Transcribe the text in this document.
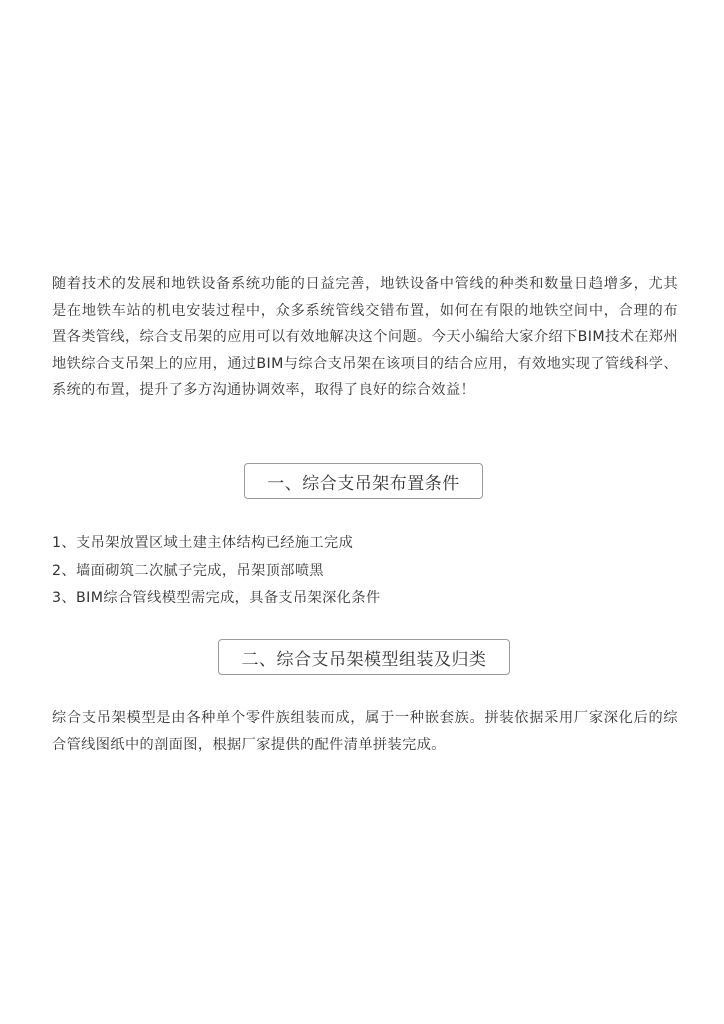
随着技术的发展和地铁设备系统功能的日益完善，地铁设备中管线的种类和数量日趋增多，尤其是在地铁车站的机电安装过程中，众多系统管线交错布置，如何在有限的地铁空间中，合理的布置各类管线，综合支吊架的应用可以有效地解决这个问题。今天小编给大家介绍下BIM技术在郑州地铁综合支吊架上的应用，通过BIM与综合支吊架在该项目的结合应用，有效地实现了管线科学、系统的布置，提升了多方沟通协调效率，取得了良好的综合效益！

一、综合支吊架布置条件
1、支吊架放置区域土建主体结构已经施工完成
2、墙面砌筑二次腻子完成，吊架顶部喷黑
3、BIM综合管线模型需完成，具备支吊架深化条件
二、综合支吊架模型组装及归类

综合支吊架模型是由各种单个零件族组装而成，属于一种嵌套族。拼装依据采用厂家深化后的综合管线图纸中的剖面图，根据厂家提供的配件清单拼装完成。
